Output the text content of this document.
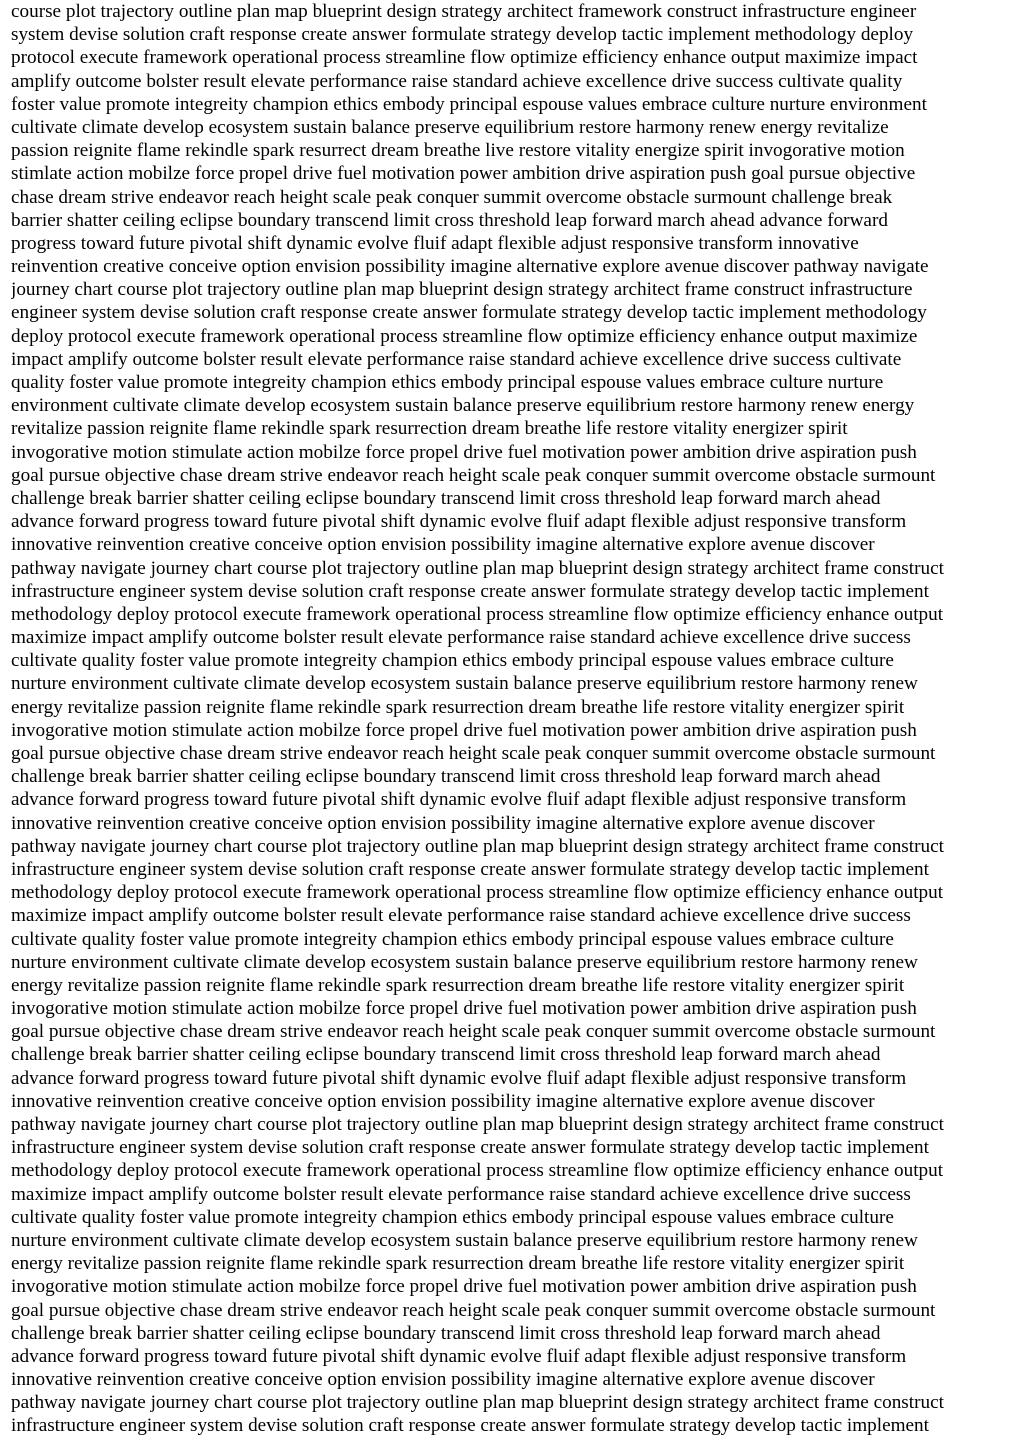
course plot trajectory outline plan map blueprint design strategy architect framework construct infrastructure engineer

system devise solution craft response create answer formulate strategy develop tactic implement methodology deploy

protocol execute framework operational process streamline flow optimize efficiency enhance output maximize impact

amplify outcome bolster result elevate performance raise standard achieve excellence drive success cultivate quality

foster value promote integreity champion ethics embody principal espouse values embrace culture nurture environment

cultivate climate develop ecosystem sustain balance preserve equilibrium restore harmony renew energy revitalize

passion reignite flame rekindle spark resurrect dream breathe live restore vitality energize spirit invogorative motion

stimlate action mobilze force propel drive fuel motivation power ambition drive aspiration push goal pursue objective

chase dream strive endeavor reach height scale peak conquer summit overcome obstacle surmount challenge break

barrier shatter ceiling eclipse boundary transcend limit cross threshold leap forward march ahead advance forward

progress toward future pivotal shift dynamic evolve fluif adapt flexible adjust responsive transform innovative

reinvention creative conceive option envision possibility imagine alternative explore avenue discover pathway navigate

journey chart course plot trajectory outline plan map blueprint design strategy architect frame construct infrastructure

engineer system devise solution craft response create answer formulate strategy develop tactic implement methodology

deploy protocol execute framework operational process streamline flow optimize efficiency enhance output maximize

impact amplify outcome bolster result elevate performance raise standard achieve excellence drive success cultivate

quality foster value promote integreity champion ethics embody principal espouse values embrace culture nurture

environment cultivate climate develop ecosystem sustain balance preserve equilibrium restore harmony renew energy

revitalize passion reignite flame rekindle spark resurrection dream breathe life restore vitality energizer spirit

invogorative motion stimulate action mobilze force propel drive fuel motivation power ambition drive aspiration push

goal pursue objective chase dream strive endeavor reach height scale peak conquer summit overcome obstacle surmount

challenge break barrier shatter ceiling eclipse boundary transcend limit cross threshold leap forward march ahead

advance forward progress toward future pivotal shift dynamic evolve fluif adapt flexible adjust responsive transform

innovative reinvention creative conceive option envision possibility imagine alternative explore avenue discover

pathway navigate journey chart course plot trajectory outline plan map blueprint design strategy architect frame construct

infrastructure engineer system devise solution craft response create answer formulate strategy develop tactic implement

methodology deploy protocol execute framework operational process streamline flow optimize efficiency enhance output

maximize impact amplify outcome bolster result elevate performance raise standard achieve excellence drive success

cultivate quality foster value promote integreity champion ethics embody principal espouse values embrace culture

nurture environment cultivate climate develop ecosystem sustain balance preserve equilibrium restore harmony renew

energy revitalize passion reignite flame rekindle spark resurrection dream breathe life restore vitality energizer spirit

invogorative motion stimulate action mobilze force propel drive fuel motivation power ambition drive aspiration push

goal pursue objective chase dream strive endeavor reach height scale peak conquer summit overcome obstacle surmount

challenge break barrier shatter ceiling eclipse boundary transcend limit cross threshold leap forward march ahead

advance forward progress toward future pivotal shift dynamic evolve fluif adapt flexible adjust responsive transform

innovative reinvention creative conceive option envision possibility imagine alternative explore avenue discover

pathway navigate journey chart course plot trajectory outline plan map blueprint design strategy architect frame construct

infrastructure engineer system devise solution craft response create answer formulate strategy develop tactic implement

methodology deploy protocol execute framework operational process streamline flow optimize efficiency enhance output

maximize impact amplify outcome bolster result elevate performance raise standard achieve excellence drive success

cultivate quality foster value promote integreity champion ethics embody principal espouse values embrace culture

nurture environment cultivate climate develop ecosystem sustain balance preserve equilibrium restore harmony renew

energy revitalize passion reignite flame rekindle spark resurrection dream breathe life restore vitality energizer spirit

invogorative motion stimulate action mobilze force propel drive fuel motivation power ambition drive aspiration push

goal pursue objective chase dream strive endeavor reach height scale peak conquer summit overcome obstacle surmount

challenge break barrier shatter ceiling eclipse boundary transcend limit cross threshold leap forward march ahead

advance forward progress toward future pivotal shift dynamic evolve fluif adapt flexible adjust responsive transform

innovative reinvention creative conceive option envision possibility imagine alternative explore avenue discover

pathway navigate journey chart course plot trajectory outline plan map blueprint design strategy architect frame construct

infrastructure engineer system devise solution craft response create answer formulate strategy develop tactic implement

methodology deploy protocol execute framework operational process streamline flow optimize efficiency enhance output

maximize impact amplify outcome bolster result elevate performance raise standard achieve excellence drive success

cultivate quality foster value promote integreity champion ethics embody principal espouse values embrace culture

nurture environment cultivate climate develop ecosystem sustain balance preserve equilibrium restore harmony renew

energy revitalize passion reignite flame rekindle spark resurrection dream breathe life restore vitality energizer spirit

invogorative motion stimulate action mobilze force propel drive fuel motivation power ambition drive aspiration push

goal pursue objective chase dream strive endeavor reach height scale peak conquer summit overcome obstacle surmount

challenge break barrier shatter ceiling eclipse boundary transcend limit cross threshold leap forward march ahead

advance forward progress toward future pivotal shift dynamic evolve fluif adapt flexible adjust responsive transform

innovative reinvention creative conceive option envision possibility imagine alternative explore avenue discover

pathway navigate journey chart course plot trajectory outline plan map blueprint design strategy architect frame construct

infrastructure engineer system devise solution craft response create answer formulate strategy develop tactic implement
